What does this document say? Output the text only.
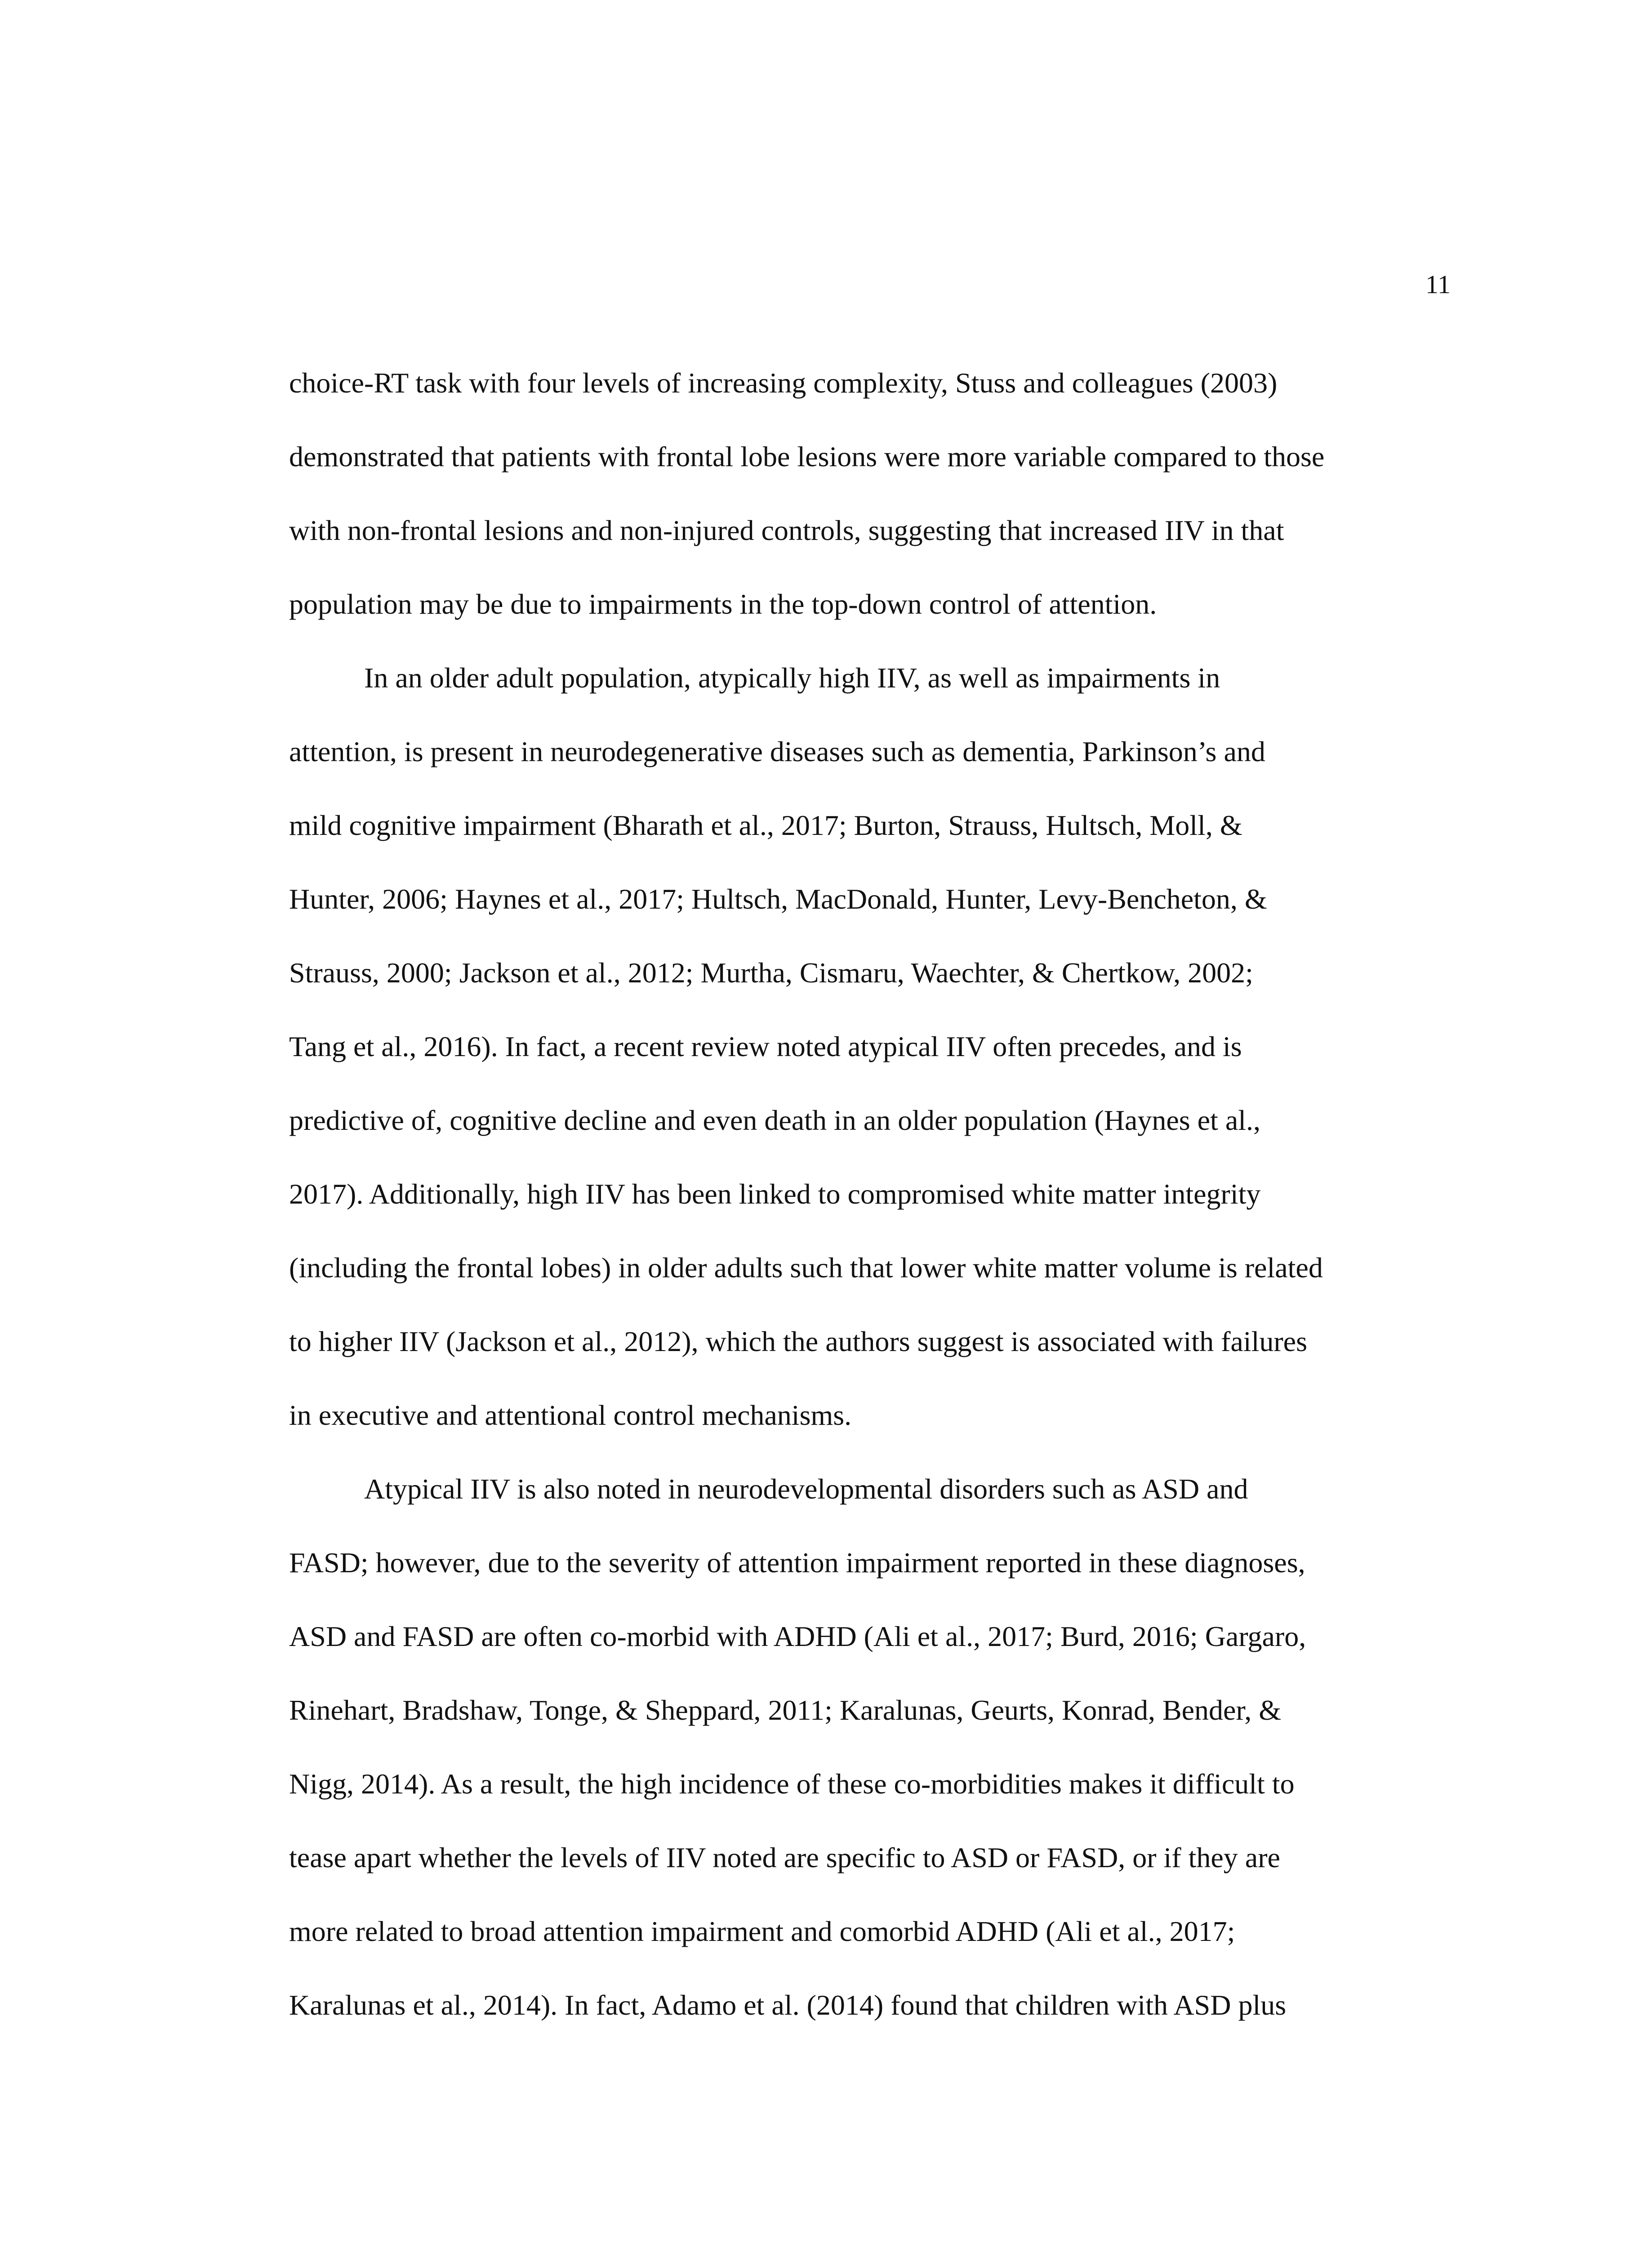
11
choice-RT task with four levels of increasing complexity, Stuss and colleagues (2003)
demonstrated that patients with frontal lobe lesions were more variable compared to those
with non-frontal lesions and non-injured controls, suggesting that increased IIV in that
population may be due to impairments in the top-down control of attention.
In an older adult population, atypically high IIV, as well as impairments in
attention, is present in neurodegenerative diseases such as dementia, Parkinson’s and
mild cognitive impairment (Bharath et al., 2017; Burton, Strauss, Hultsch, Moll, &
Hunter, 2006; Haynes et al., 2017; Hultsch, MacDonald, Hunter, Levy-Bencheton, &
Strauss, 2000; Jackson et al., 2012; Murtha, Cismaru, Waechter, & Chertkow, 2002;
Tang et al., 2016). In fact, a recent review noted atypical IIV often precedes, and is
predictive of, cognitive decline and even death in an older population (Haynes et al.,
2017). Additionally, high IIV has been linked to compromised white matter integrity
(including the frontal lobes) in older adults such that lower white matter volume is related
to higher IIV (Jackson et al., 2012), which the authors suggest is associated with failures
in executive and attentional control mechanisms.
Atypical IIV is also noted in neurodevelopmental disorders such as ASD and
FASD; however, due to the severity of attention impairment reported in these diagnoses,
ASD and FASD are often co-morbid with ADHD (Ali et al., 2017; Burd, 2016; Gargaro,
Rinehart, Bradshaw, Tonge, & Sheppard, 2011; Karalunas, Geurts, Konrad, Bender, &
Nigg, 2014). As a result, the high incidence of these co-morbidities makes it difficult to
tease apart whether the levels of IIV noted are specific to ASD or FASD, or if they are
more related to broad attention impairment and comorbid ADHD (Ali et al., 2017;
Karalunas et al., 2014). In fact, Adamo et al. (2014) found that children with ASD plus
